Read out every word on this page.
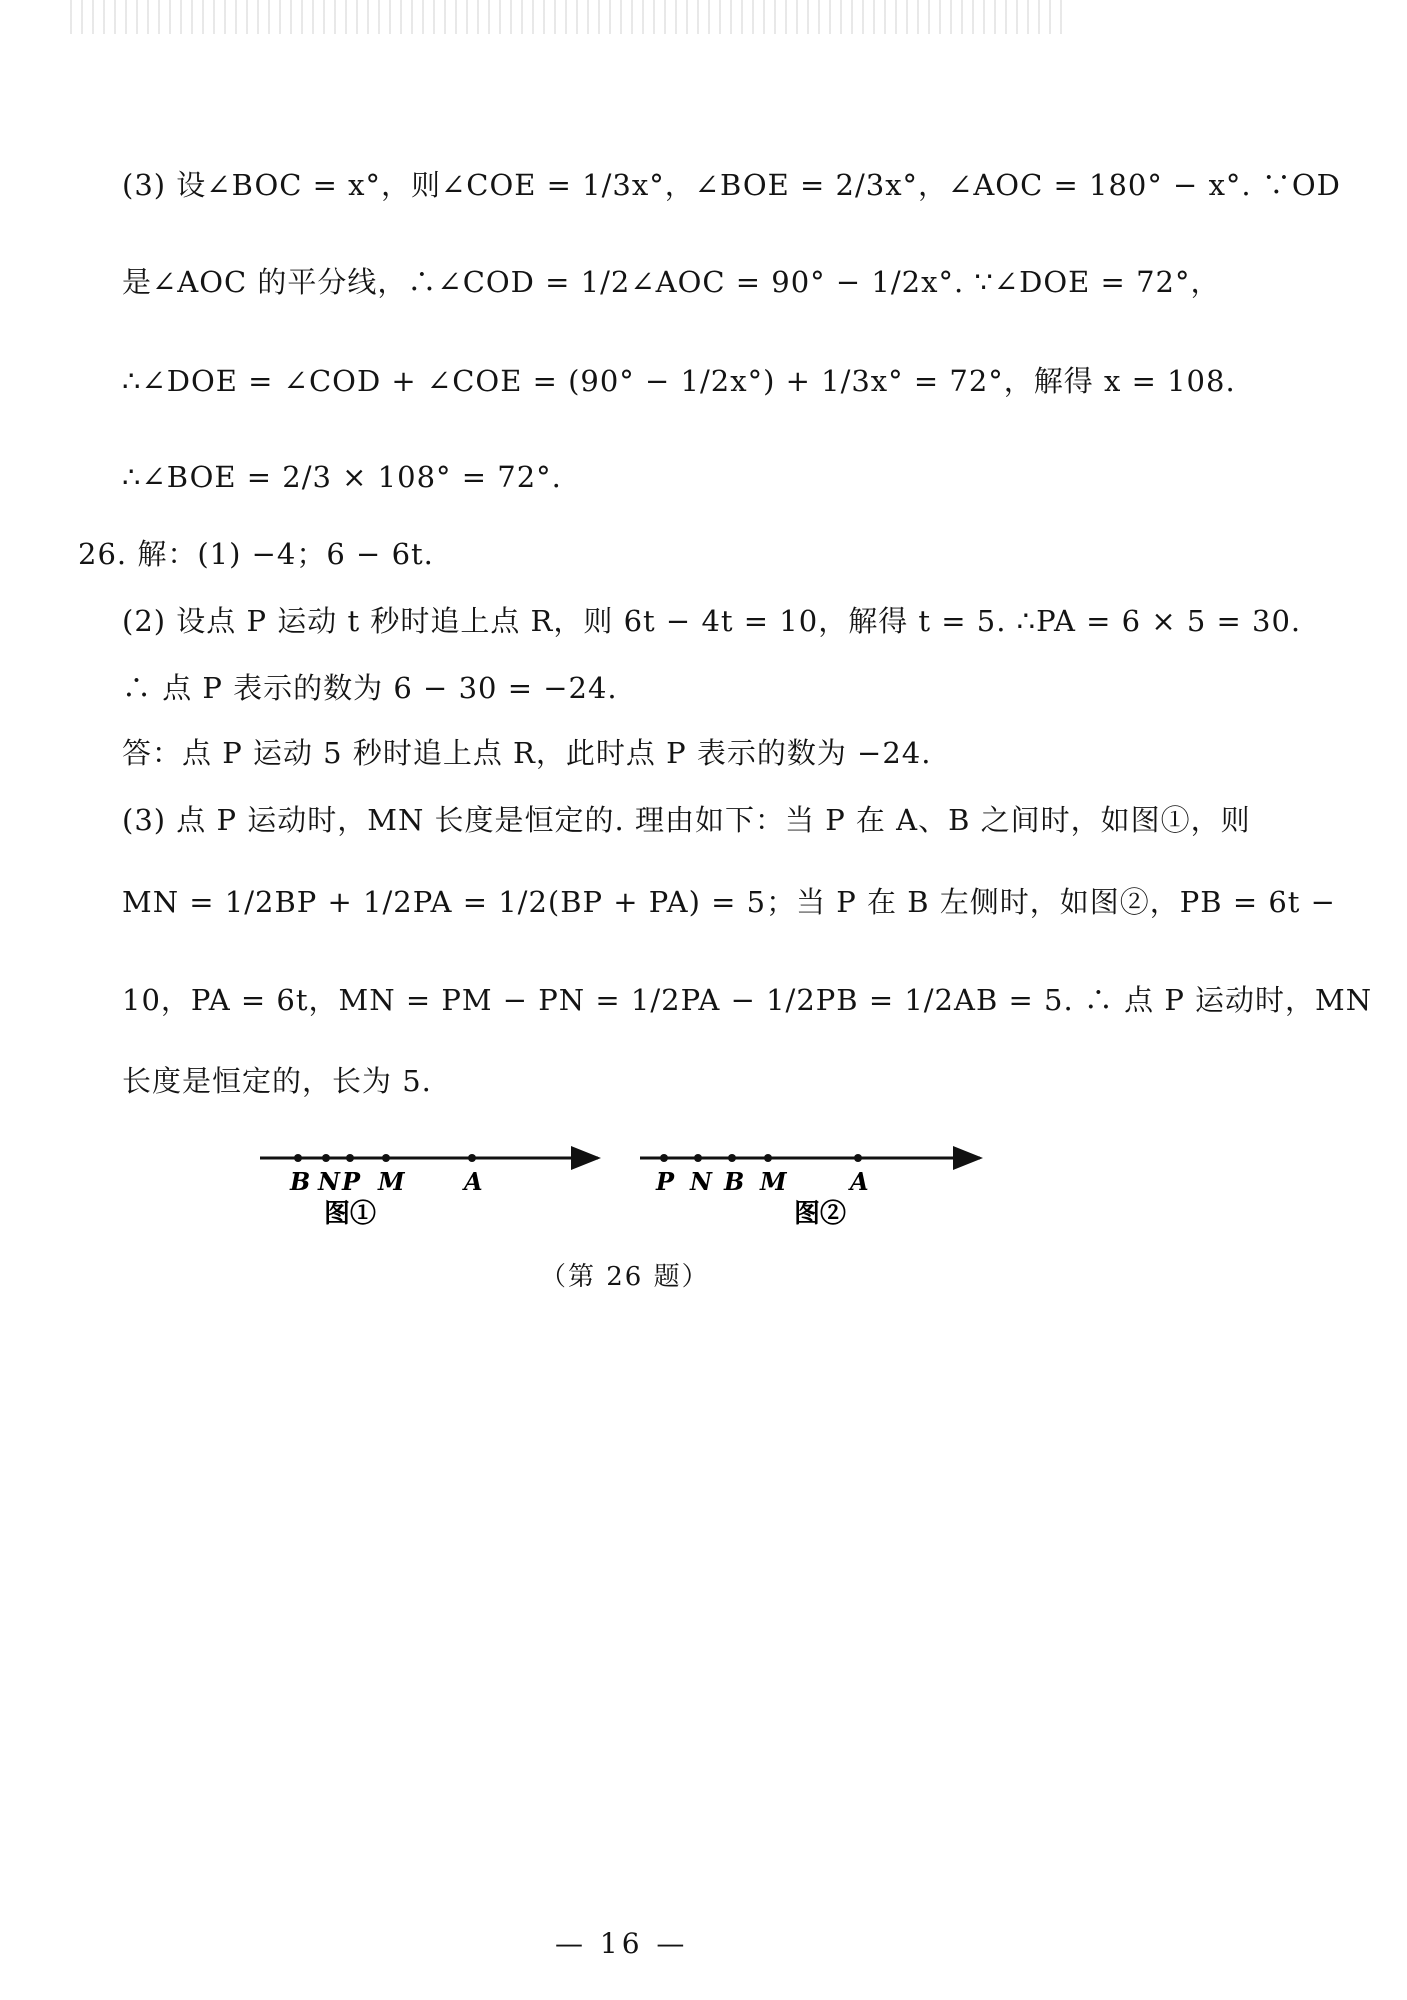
(3) 设∠BOC = x°，则∠COE = 1/3x°，∠BOE = 2/3x°，∠AOC = 180° − x°. ∵OD
是∠AOC 的平分线，∴∠COD = 1/2∠AOC = 90° − 1/2x°. ∵∠DOE = 72°，
∴∠DOE = ∠COD + ∠COE = (90° − 1/2x°) + 1/3x° = 72°，解得 x = 108.
∴∠BOE = 2/3 × 108° = 72°.
26. 解：(1) −4；6 − 6t.
(2) 设点 P 运动 t 秒时追上点 R，则 6t − 4t = 10，解得 t = 5. ∴PA = 6 × 5 = 30.
∴ 点 P 表示的数为 6 − 30 = −24.
答：点 P 运动 5 秒时追上点 R，此时点 P 表示的数为 −24.
(3) 点 P 运动时，MN 长度是恒定的. 理由如下：当 P 在 A、B 之间时，如图①，则
MN = 1/2BP + 1/2PA = 1/2(BP + PA) = 5；当 P 在 B 左侧时，如图②，PB = 6t −
10，PA = 6t，MN = PM − PN = 1/2PA − 1/2PB = 1/2AB = 5. ∴ 点 P 运动时，MN
长度是恒定的，长为 5.
B N P M A	P N B M	A
图①	图②
（第 26 题）
— 16 —
